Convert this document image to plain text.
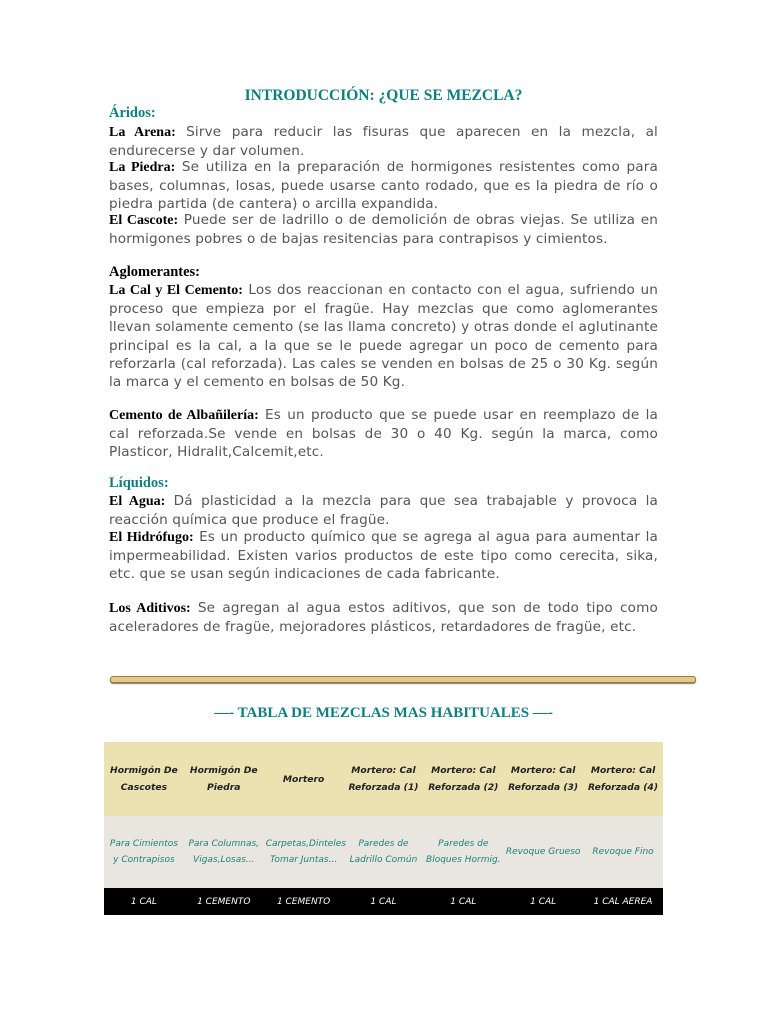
INTRODUCCIÓN: ¿QUE SE MEZCLA?
Áridos:
La Arena: Sirve para reducir las fisuras que aparecen en la mezcla, al endurecerse y dar volumen.
La Piedra: Se utiliza en la preparación de hormigones resistentes como para bases, columnas, losas, puede usarse canto rodado, que es la piedra de río o piedra partida (de cantera) o arcilla expandida.
El Cascote: Puede ser de ladrillo o de demolición de obras viejas. Se utiliza en hormigones pobres o de bajas resitencias para contrapisos y cimientos.
Aglomerantes:
La Cal y El Cemento: Los dos reaccionan en contacto con el agua, sufriendo un proceso que empieza por el fragüe. Hay mezclas que como aglomerantes llevan solamente cemento (se las llama concreto) y otras donde el aglutinante principal es la cal, a la que se le puede agregar un poco de cemento para reforzarla (cal reforzada). Las cales se venden en bolsas de 25 o 30 Kg. según la marca y el cemento en bolsas de 50 Kg.
Cemento de Albañilería: Es un producto que se puede usar en reemplazo de la cal reforzada.Se vende en bolsas de 30 o 40 Kg. según la marca, como Plasticor, Hidralit,Calcemit,etc.
Líquidos:
El Agua: Dá plasticidad a la mezcla para que sea trabajable y provoca la reacción química que produce el fragüe.
El Hidrófugo: Es un producto químico que se agrega al agua para aumentar la impermeabilidad. Existen varios productos de este tipo como cerecita, sika, etc. que se usan según indicaciones de cada fabricante.
Los Aditivos: Se agregan al agua estos aditivos, que son de todo tipo como aceleradores de fragüe, mejoradores plásticos, retardadores de fragüe, etc.
—- TABLA DE MEZCLAS MAS HABITUALES —-
Hormigón De Cascotes	Hormigón De Piedra	Mortero	Mortero: Cal Reforzada (1)	Mortero: Cal Reforzada (2)	Mortero: Cal Reforzada (3)	Mortero: Cal Reforzada (4)
Para Cimientos y Contrapisos	Para Columnas, Vigas,Losas...	Carpetas,Dinteles Tomar Juntas...	Paredes de Ladrillo Común	Paredes de Bloques Hormig.	Revoque Grueso	Revoque Fino
1 CAL	1 CEMENTO	1 CEMENTO	1 CAL	1 CAL	1 CAL	1 CAL AEREA
